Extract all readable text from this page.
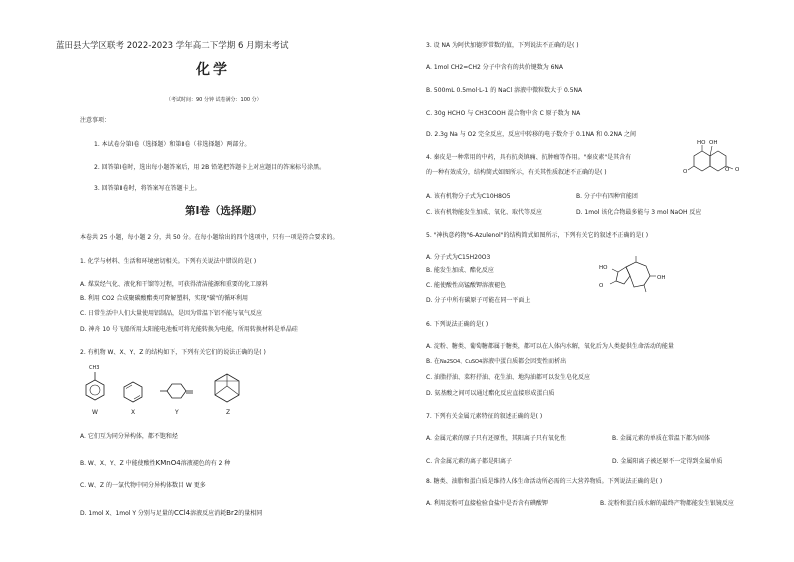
蓝田县大学区联考 2022-2023 学年高二下学期 6 月期末考试
化学
（考试时间：90 分钟 试卷满分：100 分）
注意事项：
1. 本试卷分第Ⅰ卷（选择题）和第Ⅱ卷（非选择题）两部分。
2. 回答第Ⅰ卷时，选出每小题答案后，用 2B 铅笔把答题卡上对应题目的答案标号涂黑。
3. 回答第Ⅱ卷时，将答案写在答题卡上。
第Ⅰ卷（选择题）
本卷共 25 小题，每小题 2 分，共 50 分。在每小题给出的四个选项中，只有一项是符合要求的。
1. 化学与材料、生活和环境密切相关。下列有关说法中错误的是( )
A. 煤炭经气化、液化和干馏等过程，可获得清洁能源和重要的化工原料
B. 利用 CO2 合成聚碳酸酯类可降解塑料，实现"碳"的循环利用
C. 日常生活中人们大量使用铝制品，是因为常温下铝不能与氧气反应
D. 神舟 10 号飞船所用太阳能电池板可将光能转换为电能，所用转换材料是单晶硅
2. 有机物 W、X、Y、Z 的结构如下，下列有关它们的说法正确的是( )
CH3
W	X	Y	Z
A. 它们互为同分异构体，都不饱和烃
B. W、X、Y、Z 中能使酸性KMnO4溶液褪色的有 2 种
C. W、Z 的一氯代物中同分异构体数目 W 更多
D. 1mol X、1mol Y 分别与足量的CCl4溶液反应消耗Br2的量相同
3. 设 NA 为阿伏加德罗常数的值，下列说法不正确的是( )
A. 1mol CH2=CH2 分子中含有的共价键数为 6NA
B. 500mL 0.5mol·L-1 的 NaCl 溶液中微粒数大于 0.5NA
C. 30g HCHO 与 CH3COOH 混合物中含 C 原子数为 NA
D. 2.3g Na 与 O2 完全反应，反应中转移的电子数介于 0.1NA 和 0.2NA 之间
4. 秦皮是一种常用的中药，具有抗炎镇痛、抗肿瘤等作用。"秦皮素"是其含有
的一种有效成分，结构简式如图所示，有关其性质叙述不正确的是( )
HO OH
O	O O
A. 该有机物分子式为C10H8O5	B. 分子中有四种官能团
C. 该有机物能发生加成、氧化、取代等反应	D. 1mol 该化合物最多能与 3 mol NaOH 反应
5. "神执意药物"6-Azulenol"的结构简式如图所示，下列有关它的叙述不正确的是( )
HO
O
OH
A. 分子式为C15H20O3
B. 能发生加成、酯化反应
C. 能使酸性高锰酸钾溶液褪色
D. 分子中所有碳原子可能在同一平面上
6. 下列说法正确的是( )
A. 淀粉、糖类、葡萄糖都属于糖类，都可以在人体内水解，氧化后为人类提供生命活动的能量
B. 在Na2SO4、CuSO4溶液中蛋白质都会因变性而析出
C. 油脂抒油、菜籽抒油、花生油、地沟油都可以发生皂化反应
D. 氨基酸之间可以通过酯化反应直接形成蛋白质
7. 下列有关金属元素特征的叙述正确的是( )
A. 金属元素的原子只有还原性，其阳离子只有氧化性	B. 金属元素的单质在常温下都为固体
C. 含金属元素的离子都是阳离子	D. 金属阳离子被还原不一定得到金属单质
8. 糖类、油脂和蛋白质是维持人体生命活动所必需的三大营养物质。下列说法正确的是( )
A. 利用淀粉可直接检验食盐中是否含有碘酸钾	B. 淀粉和蛋白质水解的最终产物都能发生银镜反应
